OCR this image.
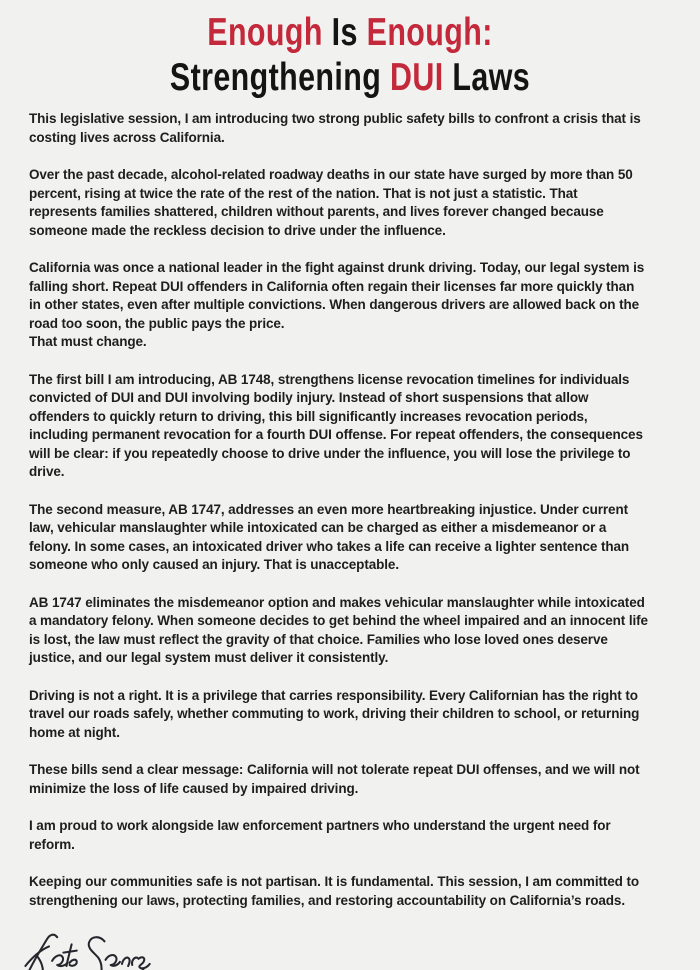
Enough Is Enough:
Strengthening DUI Laws

This legislative session, I am introducing two strong public safety bills to confront a crisis that is costing lives across California.

Over the past decade, alcohol-related roadway deaths in our state have surged by more than 50 percent, rising at twice the rate of the rest of the nation. That is not just a statistic. That represents families shattered, children without parents, and lives forever changed because someone made the reckless decision to drive under the influence.

California was once a national leader in the fight against drunk driving. Today, our legal system is falling short. Repeat DUI offenders in California often regain their licenses far more quickly than in other states, even after multiple convictions. When dangerous drivers are allowed back on the road too soon, the public pays the price.

That must change.

The first bill I am introducing, AB 1748, strengthens license revocation timelines for individuals convicted of DUI and DUI involving bodily injury. Instead of short suspensions that allow offenders to quickly return to driving, this bill significantly increases revocation periods, including permanent revocation for a fourth DUI offense. For repeat offenders, the consequences will be clear: if you repeatedly choose to drive under the influence, you will lose the privilege to drive.

The second measure, AB 1747, addresses an even more heartbreaking injustice. Under current law, vehicular manslaughter while intoxicated can be charged as either a misdemeanor or a felony. In some cases, an intoxicated driver who takes a life can receive a lighter sentence than someone who only caused an injury. That is unacceptable.

AB 1747 eliminates the misdemeanor option and makes vehicular manslaughter while intoxicated a mandatory felony. When someone decides to get behind the wheel impaired and an innocent life is lost, the law must reflect the gravity of that choice. Families who lose loved ones deserve justice, and our legal system must deliver it consistently.

Driving is not a right. It is a privilege that carries responsibility. Every Californian has the right to travel our roads safely, whether commuting to work, driving their children to school, or returning home at night.

These bills send a clear message: California will not tolerate repeat DUI offenses, and we will not minimize the loss of life caused by impaired driving.

I am proud to work alongside law enforcement partners who understand the urgent need for reform.

Keeping our communities safe is not partisan. It is fundamental. This session, I am committed to strengthening our laws, protecting families, and restoring accountability on California’s roads.
